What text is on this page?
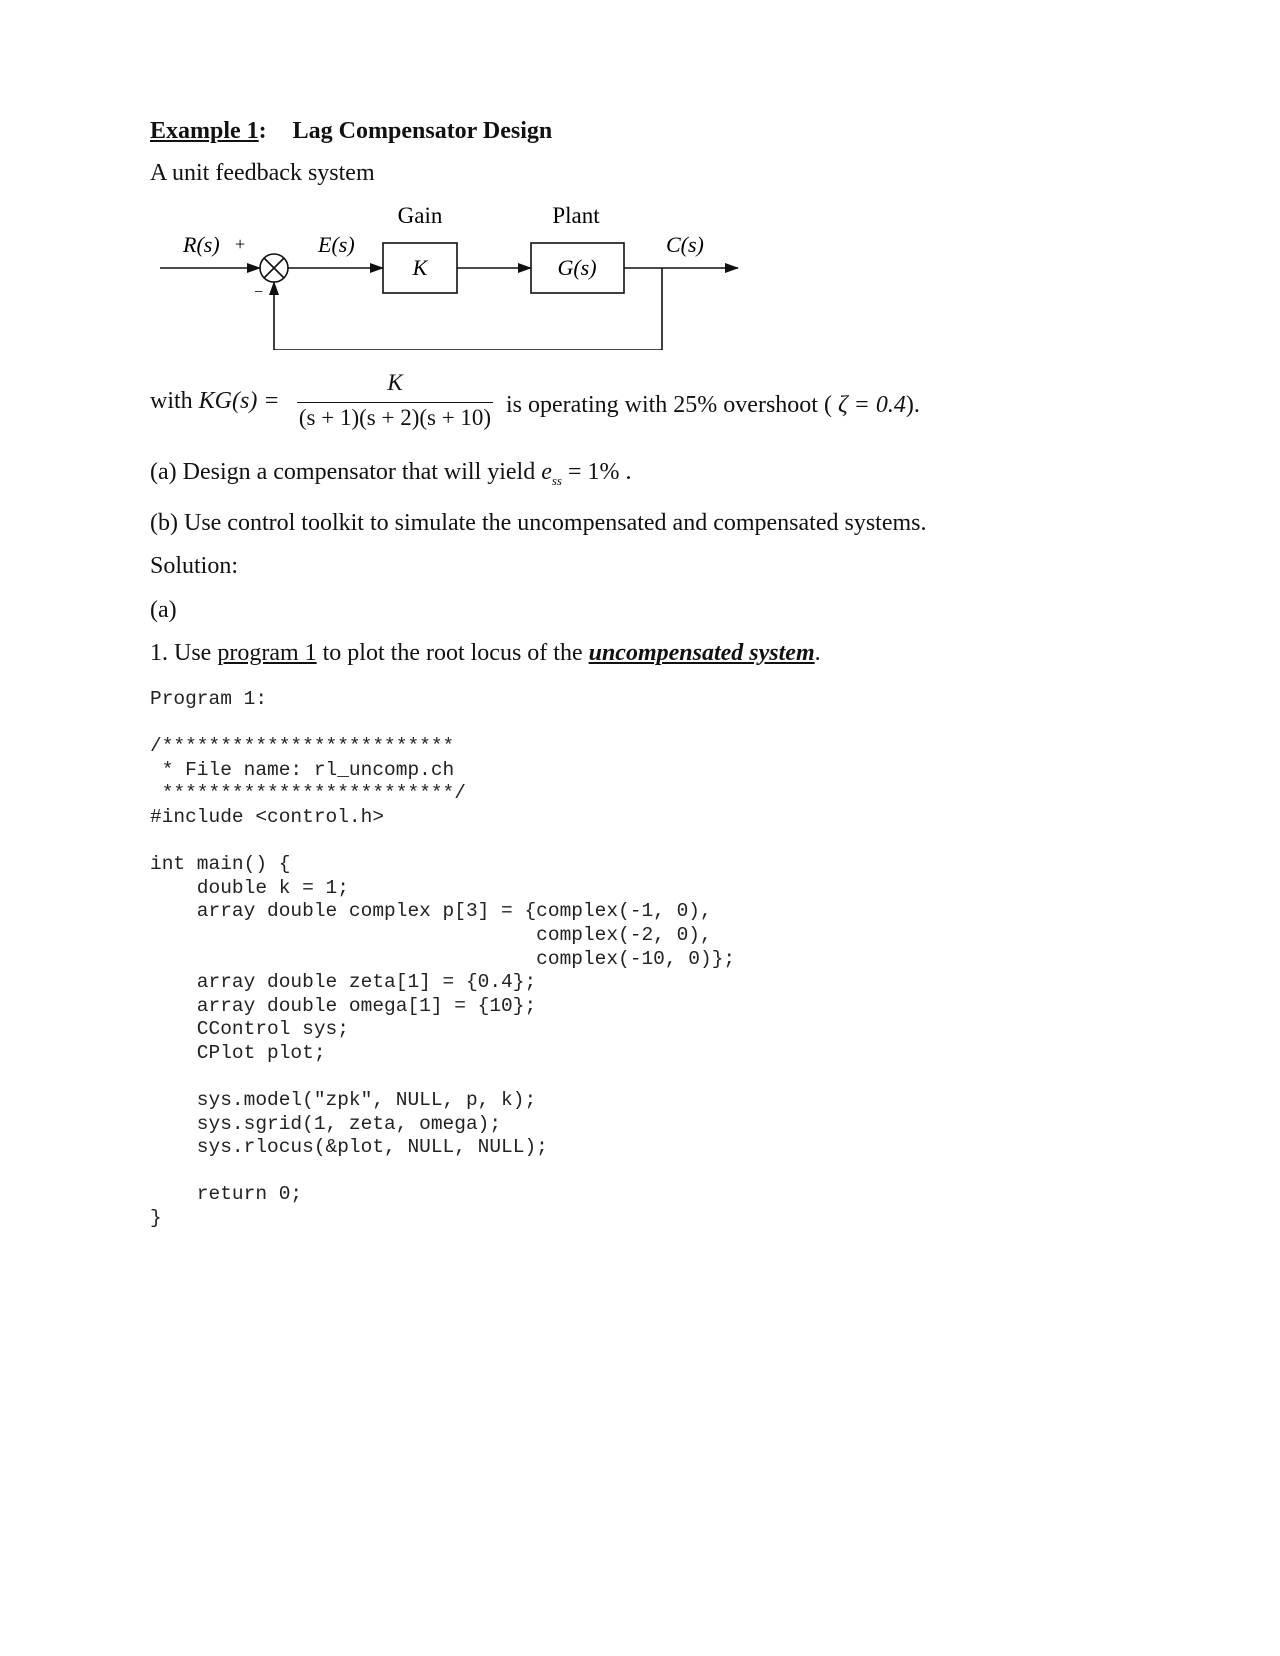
Example 1: Lag Compensator Design
A unit feedback system
Gain	Plant
R(s) +
−
E(s)
K	G(s)
C(s)
with KG(s) =
K
(s + 1)(s + 2)(s + 10) is operating with 25% overshoot ( ζ = 0.4).
(a) Design a compensator that will yield $e_{ss} = 1\%$ .
(b) Use control toolkit to simulate the uncompensated and compensated systems.
Solution:
(a)
1. Use program 1 to plot the root locus of the uncompensated system.
Program 1:
/*************************
* File name: rl_uncomp.ch
*************************/
#include <control.h>
int main() {
double k = 1;
array double complex p[3] = {complex(-1, 0),
complex(-2, 0),
complex(-10, 0)};
array double zeta[1] = {0.4};
array double omega[1] = {10};
CControl sys;
CPlot plot;
sys.model("zpk", NULL, p, k);
sys.sgrid(1, zeta, omega);
sys.rlocus(&plot, NULL, NULL);
return 0;
}
